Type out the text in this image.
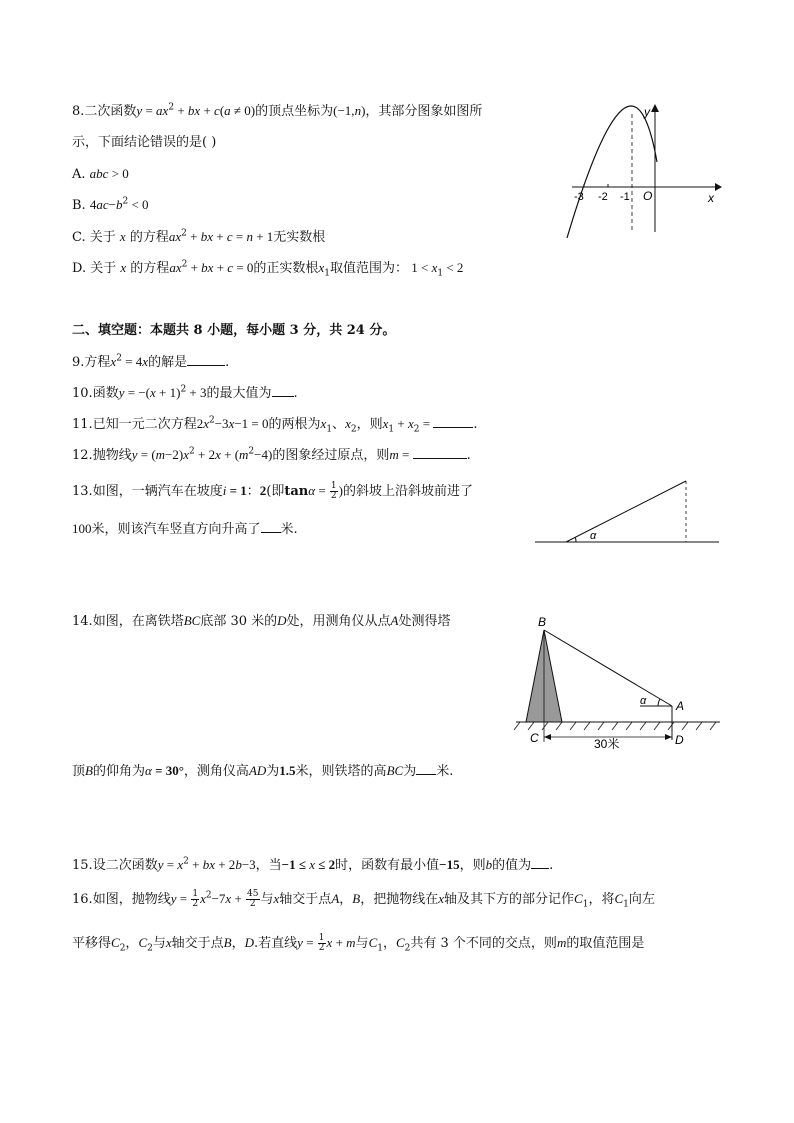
8.二次函数$y = ax^2$ + bx + c(a ≠ 0)的顶点坐标为(−1,n)，其部分图象如图所
示，下面结论错误的是( )
A. abc > 0
B. $4ac-b^2 < 0$
C. 关于 x 的方程$ax^2$ + bx + c = n + 1无实数根
D. 关于 x 的方程$ax^2$ + bx + c = 0的正实数根$x_1$取值范围为： $1 < x_1 < 2$
y
x
O
-3 -2 -1
二、填空题：本题共 8 小题，每小题 3 分，共 24 分。
9.方程$x^2 = 4x$的解是	.
10.函数$y = -(x + 1)^2 + 3$的最大值为 .
11.已知一元二次方程$2x^2-3x-1 = 0$的两根为$x_1$、$x_2$，则$x_1 + x_2$ =	.
12.抛物线$y = (m-2)x^2 + 2x + (m^2-4)$的图象经过原点，则m =	.
13.如图，一辆汽车在坡度i = 1：2(即$\tan\alpha = \frac{1}{2}$ )的斜坡上沿斜坡前进了
100米，则该汽车竖直方向升高了 米.	α
14.如图，在离铁塔BC底部 30 米的D处，用测角仪从点A处测得塔	B
α A
C	D
30米
顶B的仰角为α = 30°，测角仪高AD为1.5米，则铁塔的高BC为 米.
15.设二次函数$y = x^2$ + bx + 2b−3，当−1 ≤ x ≤ 2时，函数有最小值−15，则b的值为 .
16.如图，抛物线$y = \frac{1}{2} x^2-7x + \frac{45}{2}$ 与x轴交于点A，B，把抛物线在x轴及其下方的部分记作$C_1$，将$C_1$向左
平移得$C_2$，$C_2$与x轴交于点B，D.若直线$y = \frac{1}{2}$ x + m与$C_1$，$C_2$共有 3 个不同的交点，则m的取值范围是
